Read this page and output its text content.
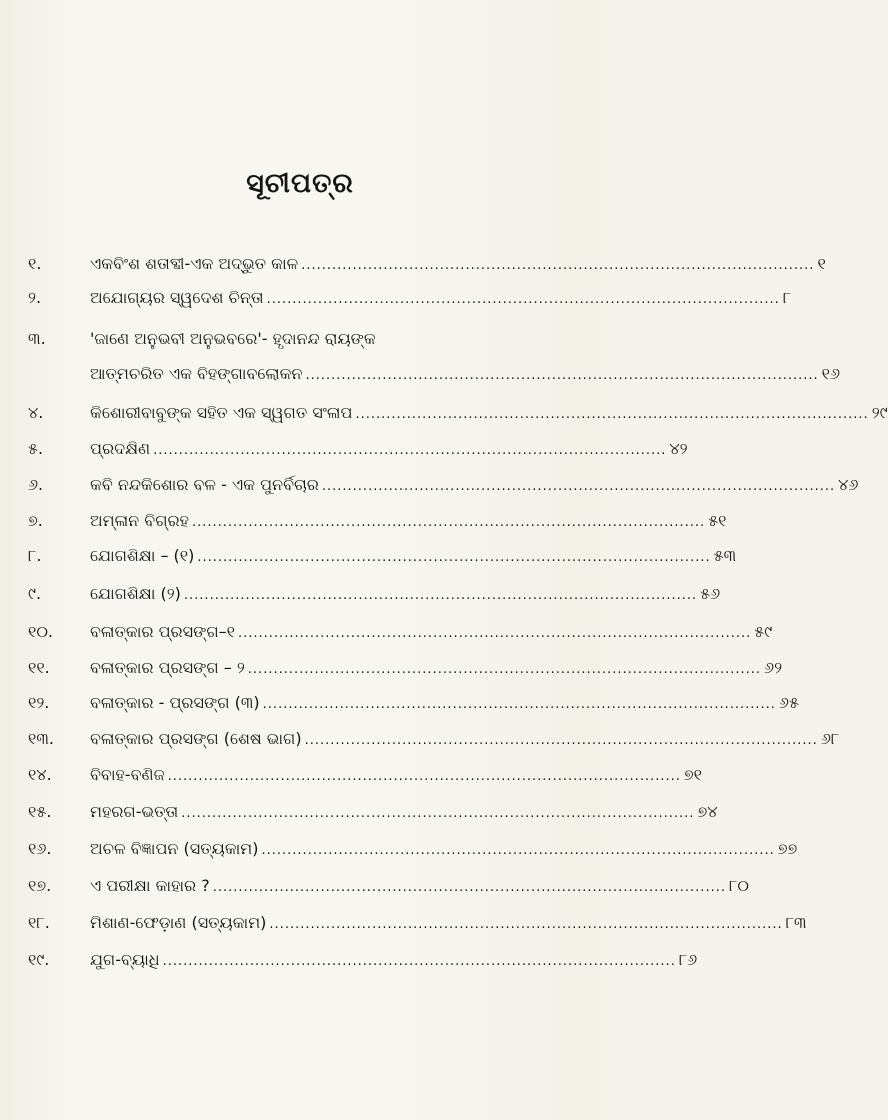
ସୂଚୀପତ୍ର
୧.	ଏକବିଂଶ ଶତାବ୍ଦୀ-ଏକ ଅଦ୍ଭୁତ କାଳ .................................................................................................... ୧
୨.	ଅଯୋଗ୍ୟର ସ୍ୱଦେଶ ଚିନ୍ତା .................................................................................................... ୮
୩.	'ଜାଣେ ଅନୁଭବୀ ଅନୁଭବରେ'- ହୃଦାନନ୍ଦ ରାୟଙ୍କ
ଆତ୍ମଚରିତ ଏକ ବିହଙ୍ଗାବଲୋକନ .................................................................................................... ୧୬
୪.	କିଶୋରୀବାବୁଙ୍କ ସହିତ ଏକ ସ୍ୱଗତ ସଂଳାପ .................................................................................................... ୨୯
୫.	ପ୍ରଦକ୍ଷିଣ .................................................................................................... ୪୨
୬.	କବି ନନ୍ଦକିଶୋର ବଳ - ଏକ ପୁନର୍ବିଚାର .................................................................................................... ୪୬
୭.	ଅମ୍ଳାନ ବିଗ୍ରହ .................................................................................................... ୫୧
୮.	ଯୋଗଶିକ୍ଷା – (୧) .................................................................................................... ୫୩
୯.	ଯୋଗଶିକ୍ଷା (୨) .................................................................................................... ୫୬
୧୦. ବଳାତ୍କାର ପ୍ରସଙ୍ଗ–୧ .................................................................................................... ୫୯
୧୧.	ବଳାତ୍କାର ପ୍ରସଙ୍ଗ – ୨ .................................................................................................... ୬୨
୧୨.	ବଳାତ୍କାର - ପ୍ରସଙ୍ଗ (୩) .................................................................................................... ୬୫
୧୩. ବଳାତ୍କାର ପ୍ରସଙ୍ଗ (ଶେଷ ଭାଗ) .................................................................................................... ୬୮
୧୪. ବିବାହ-ବଣିଜ .................................................................................................... ୭୧
୧୫. ମହରଗ-ଭତ୍ତା .................................................................................................... ୭୪
୧୬. ଅଚଳ ବିଜ୍ଞାପନ (ସତ୍ୟକାମ) .................................................................................................... ୭୭
୧୭. ଏ ପରୀକ୍ଷା କାହାର ? .................................................................................................... ୮୦
୧୮.	ମିଶାଣ-ଫେଡ଼ାଣ (ସତ୍ୟକାମ) .................................................................................................... ୮୩
୧୯.	ଯୁଗ-ବ୍ୟାଧି .................................................................................................... ୮୬
